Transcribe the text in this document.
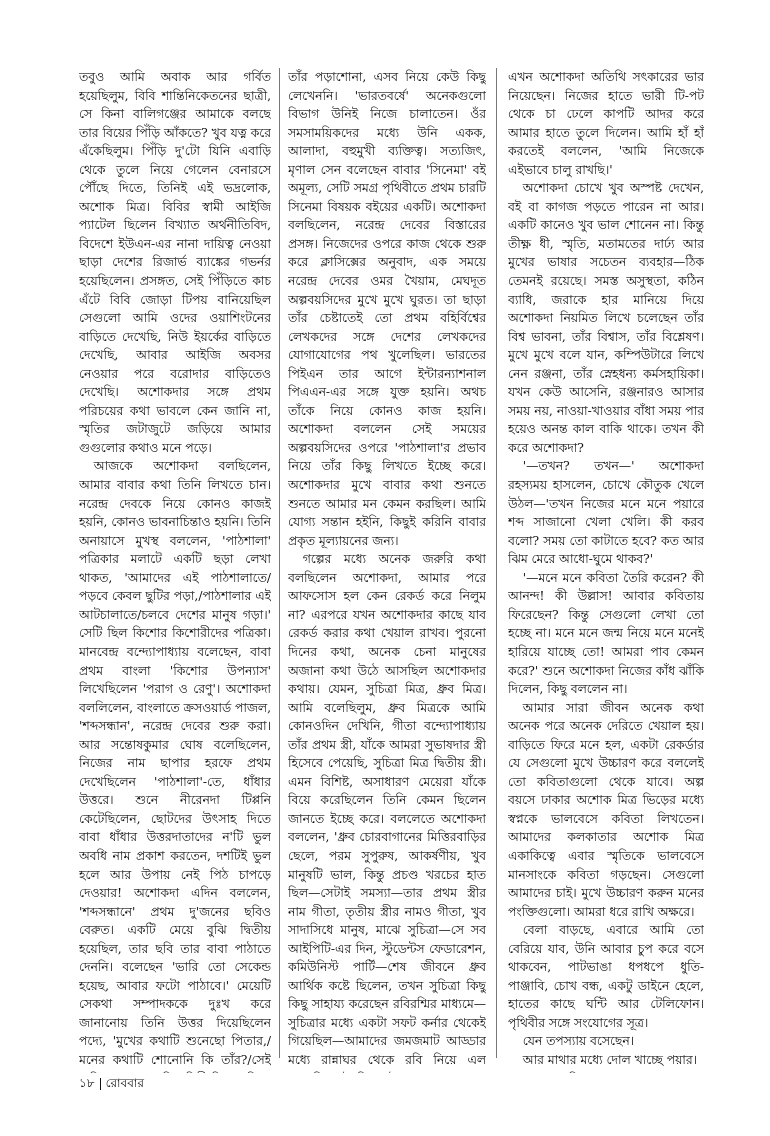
তবুও আমি অবাক আর গর্বিত হয়েছিলুম, বিবি শান্তিনিকেতনের ছাত্রী, সে কিনা বালিগঞ্জের আমাকে বলছে তার বিয়ের পিঁড়ি আঁকতে? খুব যত্ন করে এঁকেছিলুম। পিঁড়ি দু'টো যিনি এবাড়ি থেকে তুলে নিয়ে গেলেন বেনারসে পৌঁছে দিতে, তিনিই এই ভদ্রলোক, অশোক মিত্র। বিবির স্বামী আইজি প্যাটেল ছিলেন বিখ্যাত অর্থনীতিবিদ, বিদেশে ইউএন-এর নানা দায়িত্ব নেওয়া ছাড়া দেশের রিজার্ভ ব্যাঙ্কের গভর্নর হয়েছিলেন। প্রসঙ্গত, সেই পিঁড়িতে কাচ এঁটে বিবি জোড়া টিপয় বানিয়েছিল সেগুলো আমি ওদের ওয়াশিংটনের বাড়িতে দেখেছি, নিউ ইয়র্কের বাড়িতে দেখেছি, আবার আইজি অবসর নেওয়ার পরে বরোদার বাড়িতেও দেখেছি। অশোকদার সঙ্গে প্রথম পরিচয়ের কথা ভাবলে কেন জানি না, স্মৃতির জটাজুটে জড়িয়ে আমার গুগুলোর কথাও মনে পড়ে।

আজকে অশোকদা বলছিলেন, আমার বাবার কথা তিনি লিখতে চান। নরেন্দ্র দেবকে নিয়ে কোনও কাজই হয়নি, কোনও ভাবনাচিন্তাও হয়নি। তিনি অনায়াসে মুখস্থ বললেন, 'পাঠশালা' পত্রিকার মলাটে একটি ছড়া লেখা থাকত, 'আমাদের এই পাঠশালাতে/পড়বে কেবল ছুটির পড়া,/পাঠশালার এই আটচালাতে/চলবে দেশের মানুষ গড়া।' সেটি ছিল কিশোর কিশোরীদের পত্রিকা। মানবেন্দ্র বন্দ্যোপাধ্যায় বলেছেন, বাবা প্রথম বাংলা 'কিশোর উপন্যাস' লিখেছিলেন 'পরাগ ও রেণু'। অশোকদা বললিলেন, বাংলাতে ক্রসওয়ার্ড পাজল, 'শব্দসন্ধান', নরেন্দ্র দেবের শুরু করা। আর সন্তোষকুমার ঘোষ বলেছিলেন, নিজের নাম ছাপার হরফে প্রথম দেখেছিলেন 'পাঠশালা'-তে, ধাঁধার উত্তরে। শুনে নীরেনদা টিপ্পনি কেটেছিলেন, ছোটদের উৎসাহ দিতে বাবা ধাঁধার উত্তরদাতাদের ন'টি ভুল অবধি নাম প্রকাশ করতেন, দশটিই ভুল হলে আর উপায় নেই পিঠ চাপড়ে দেওয়ার! অশোকদা এদিন বললেন, 'শব্দসন্ধানে' প্রথম দু'জনের ছবিও বেরুত। একটি মেয়ে বুঝি দ্বিতীয় হয়েছিল, তার ছবি তার বাবা পাঠাতে দেননি। বলেছেন 'ভারি তো সেকেন্ড হয়েছ, আবার ফটো পাঠাবে।' মেয়েটি সেকথা সম্পাদককে দুঃখ করে জানানোয় তিনি উত্তর দিয়েছিলেন পদ্যে, 'মুখের কথাটি শুনেছো পিতার,/মনের কথাটি শোনোনি কি তাঁর?/সেই

তাঁর পড়াশোনা, এসব নিয়ে কেউ কিছু লেখেননি। 'ভারতবর্ষে' অনেকগুলো বিভাগ উনিই নিজে চালাতেন। ওঁর সমসাময়িকদের মধ্যে উনি একক, আলাদা, বহুমুখী ব্যক্তিত্ব। সত্যজিৎ, মৃণাল সেন বলেছেন বাবার 'সিনেমা' বই অমূল্য, সেটি সমগ্র পৃথিবীতে প্রথম চারটি সিনেমা বিষয়ক বইয়ের একটি। অশোকদা বলছিলেন, নরেন্দ্র দেবের বিস্তারের প্রসঙ্গ। নিজেদের ওপরে কাজ থেকে শুরু করে ক্লাসিক্সের অনুবাদ, এক সময়ে নরেন্দ্র দেবের ওমর খৈয়াম, মেঘদূত অল্পবয়সিদের মুখে মুখে ঘুরত। তা ছাড়া তাঁর চেষ্টাতেই তো প্রথম বহির্বিশ্বের লেখকদের সঙ্গে দেশের লেখকদের যোগাযোগের পথ খুলেছিল। ভারতের পিইএন তার আগে ইন্টারন্যাশনাল পিএএন-এর সঙ্গে যুক্ত হয়নি। অথচ তাঁকে নিয়ে কোনও কাজ হয়নি। অশোকদা বললেন সেই সময়ের অল্পবয়সিদের ওপরে 'পাঠশালা'র প্রভাব নিয়ে তাঁর কিছু লিখতে ইচ্ছে করে। অশোকদার মুখে বাবার কথা শুনতে শুনতে আমার মন কেমন করছিল। আমি যোগ্য সন্তান হইনি, কিছুই করিনি বাবার প্রকৃত মূল্যায়নের জন্য।

গল্পের মধ্যে অনেক জরুরি কথা বলছিলেন অশোকদা, আমার পরে আফসোস হল কেন রেকর্ড করে নিলুম না? এরপরে যখন অশোকদার কাছে যাব রেকর্ড করার কথা খেয়াল রাখব। পুরনো দিনের কথা, অনেক চেনা মানুষের অজানা কথা উঠে আসছিল অশোকদার কথায়। যেমন, সুচিত্রা মিত্র, ধ্রুব মিত্র। আমি বলেছিলুম, ধ্রুব মিত্রকে আমি কোনওদিন দেখিনি, গীতা বন্দ্যোপাধ্যায় তাঁর প্রথম স্ত্রী, যাঁকে আমরা সুভাষদার স্ত্রী হিসেবে পেয়েছি, সুচিত্রা মিত্র দ্বিতীয় স্ত্রী। এমন বিশিষ্ট, অসাধারণ মেয়েরা যাঁকে বিয়ে করেছিলেন তিনি কেমন ছিলেন জানতে ইচ্ছে করে। বললেতে অশোকদা বললেন, 'ধ্রুব চোরবাগানের মিত্তিরবাড়ির ছেলে, পরম সুপুরুষ, আকর্ষণীয়, খুব মানুষটি ভাল, কিন্তু প্রচণ্ড খরচের হাত ছিল—সেটাই সমস্যা—তার প্রথম স্ত্রীর নাম গীতা, তৃতীয় স্ত্রীর নামও গীতা, খুব সাদাসিধে মানুষ, মাঝে সুচিত্রা—সে সব আইপিটি-এর দিন, স্টুডেন্টস ফেডারেশন, কমিউনিস্ট পার্টি—শেষ জীবনে ধ্রুব আর্থিক কষ্টে ছিলেন, তখন সুচিত্রা কিছু কিছু সাহায্য করেছেন রবিরশ্মির মাধ্যমে—সুচিত্রার মধ্যে একটা সফট কর্নার থেকেই গিয়েছিল—আমাদের জমজমাট আড্ডার মধ্যে রান্নাঘর থেকে রবি নিয়ে এল

এখন অশোকদা অতিথি সৎকারের ভার নিয়েছেন। নিজের হাতে ভারী টি-পট থেকে চা ঢেলে কাপটি আদর করে আমার হাতে তুলে দিলেন। আমি হাঁ হাঁ করতেই বললেন, 'আমি নিজেকে এইভাবে চালু রাখছি।'

অশোকদা চোখে খুব অস্পষ্ট দেখেন, বই বা কাগজ পড়তে পারেন না আর। একটি কানেও খুব ভাল শোনেন না। কিন্তু তীক্ষ্ণ ধী, স্মৃতি, মতামতের দার্ঢ্য আর মুখের ভাষার সচেতন ব্যবহার—ঠিক তেমনই রয়েছে। সমস্ত অসুস্থতা, কঠিন ব্যাধি, জরাকে হার মানিয়ে দিয়ে অশোকদা নিয়মিত লিখে চলেছেন তাঁর বিশ্ব ভাবনা, তাঁর বিশ্বাস, তাঁর বিশ্লেষণ। মুখে মুখে বলে যান, কম্পিউটারে লিখে নেন রঞ্জনা, তাঁর স্নেহধন্য কর্মসহায়িকা। যখন কেউ আসেনি, রঞ্জনারও আসার সময় নয়, নাওয়া-খাওয়ার বাঁধা সময় পার হয়েও অনন্ত কাল বাকি থাকে। তখন কী করে অশোকদা?

'—তখন? তখন—' অশোকদা রহস্যময় হাসলেন, চোখে কৌতুক খেলে উঠল—'তখন নিজের মনে মনে পয়ারে শব্দ সাজানো খেলা খেলি। কী করব বলো? সময় তো কাটাতে হবে? কত আর ঝিম মেরে আধো-ঘুমে থাকব?'

'—মনে মনে কবিতা তৈরি করেন? কী আনন্দ! কী উল্লাস! আবার কবিতায় ফিরেছেন? কিন্তু সেগুলো লেখা তো হচ্ছে না। মনে মনে জন্ম নিয়ে মনে মনেই হারিয়ে যাচ্ছে তো! আমরা পাব কেমন করে?' শুনে অশোকদা নিজের কাঁধ ঝাঁকি দিলেন, কিছু বললেন না।

আমার সারা জীবন অনেক কথা অনেক পরে অনেক দেরিতে খেয়াল হয়। বাড়িতে ফিরে মনে হল, একটা রেকর্ডার যে সেগুলো মুখে উচ্চারণ করে বললেই তো কবিতাগুলো থেকে যাবে। অল্প বয়সে ঢাকার অশোক মিত্র ভিড়ের মধ্যে স্বপ্নকে ভালবেসে কবিতা লিখতেন। আমাদের কলকাতার অশোক মিত্র একাকিত্বে এবার স্মৃতিকে ভালবেসে মানসাংকে কবিতা গড়ছেন। সেগুলো আমাদের চাই। মুখে উচ্চারণ করুন মনের পংক্তিগুলো। আমরা ধরে রাখি অক্ষরে।

বেলা বাড়ছে, এবারে আমি তো বেরিয়ে যাব, উনি আবার চুপ করে বসে থাকবেন, পাটভাঙা ধপধপে ধুতি-পাঞ্জাবি, চোখ বন্ধ, একটু ডাইনে হেলে, হাতের কাছে ঘন্টি আর টেলিফোন। পৃথিবীর সঙ্গে সংযোগের সূত্র।

যেন তপস্যায় বসেছেন।

আর মাথার মধ্যে দোল খাচ্ছে পয়ার।

১৮ রোববার
